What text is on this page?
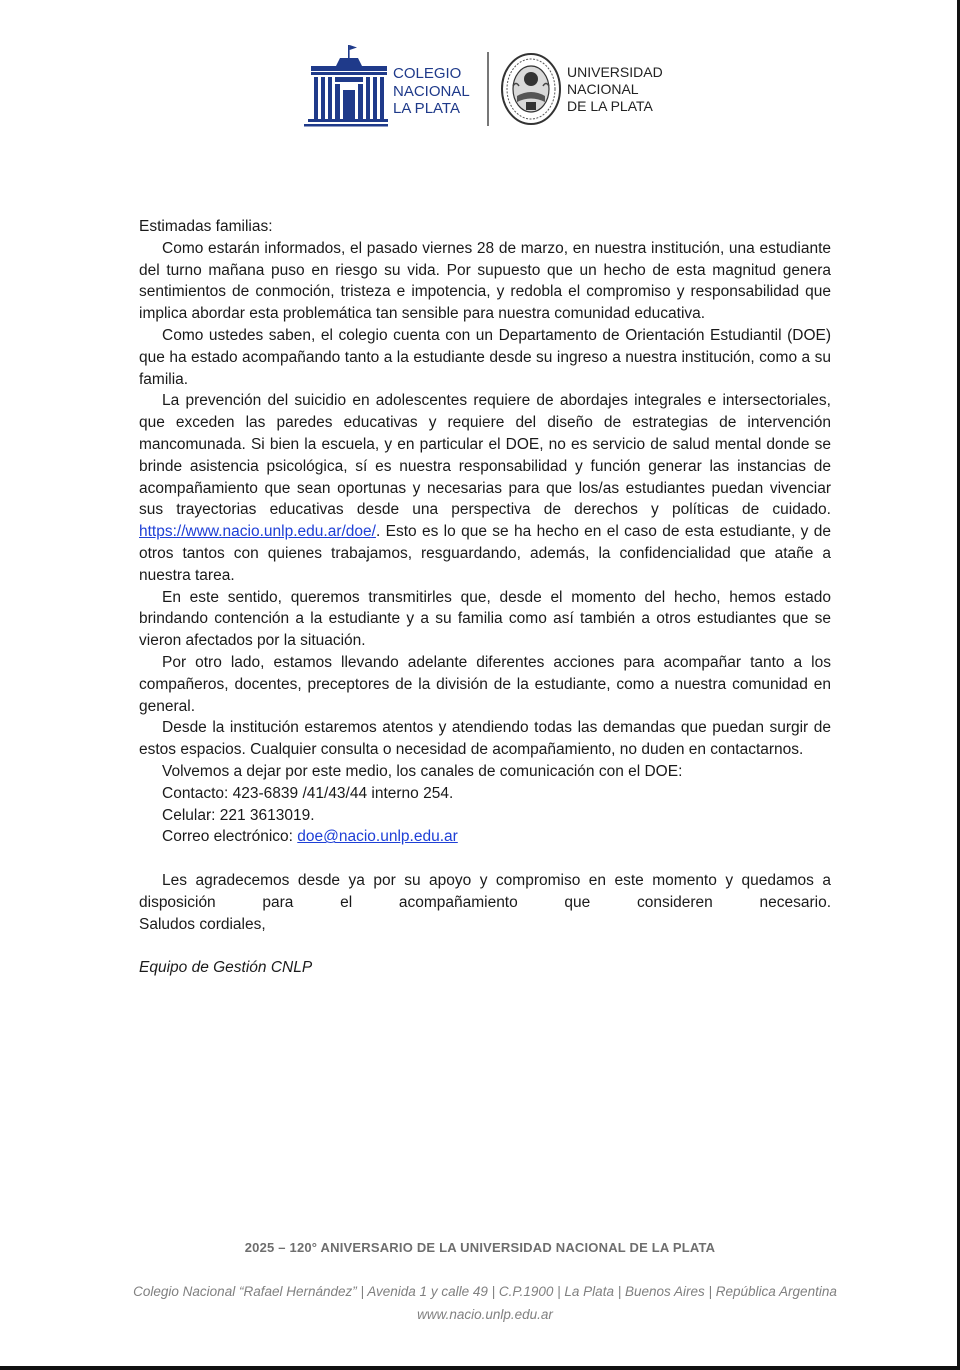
COLEGIO
NACIONAL
LA PLATA
UNIVERSIDAD
NACIONAL
DE LA PLATA

Estimadas familias:

Como estarán informados, el pasado viernes 28 de marzo, en nuestra institución, una estudiante del turno mañana puso en riesgo su vida. Por supuesto que un hecho de esta magnitud genera sentimientos de conmoción, tristeza e impotencia, y redobla el compromiso y responsabilidad que implica abordar esta problemática tan sensible para nuestra comunidad educativa.

Como ustedes saben, el colegio cuenta con un Departamento de Orientación Estudiantil (DOE) que ha estado acompañando tanto a la estudiante desde su ingreso a nuestra institución, como a su familia.

La prevención del suicidio en adolescentes requiere de abordajes integrales e intersectoriales, que exceden las paredes educativas y requiere del diseño de estrategias de intervención mancomunada. Si bien la escuela, y en particular el DOE, no es servicio de salud mental donde se brinde asistencia psicológica, sí es nuestra responsabilidad y función generar las instancias de acompañamiento que sean oportunas y necesarias para que los/as estudiantes puedan vivenciar sus trayectorias educativas desde una perspectiva de derechos y políticas de cuidado. https://www.nacio.unlp.edu.ar/doe/. Esto es lo que se ha hecho en el caso de esta estudiante, y de otros tantos con quienes trabajamos, resguardando, además, la confidencialidad que atañe a nuestra tarea.

En este sentido, queremos transmitirles que, desde el momento del hecho, hemos estado brindando contención a la estudiante y a su familia como así también a otros estudiantes que se vieron afectados por la situación.

Por otro lado, estamos llevando adelante diferentes acciones para acompañar tanto a los compañeros, docentes, preceptores de la división de la estudiante, como a nuestra comunidad en general.

Desde la institución estaremos atentos y atendiendo todas las demandas que puedan surgir de estos espacios. Cualquier consulta o necesidad de acompañamiento, no duden en contactarnos.

Volvemos a dejar por este medio, los canales de comunicación con el DOE:

Contacto: 423-6839 /41/43/44 interno 254.

Celular: 221 3613019.

Correo electrónico: doe@nacio.unlp.edu.ar

Les agradecemos desde ya por su apoyo y compromiso en este momento y quedamos a disposición para el acompañamiento que consideren necesario.

Saludos cordiales,

Equipo de Gestión CNLP

2025 – 120° ANIVERSARIO DE LA UNIVERSIDAD NACIONAL DE LA PLATA
Colegio Nacional “Rafael Hernández” | Avenida 1 y calle 49 | C.P.1900 | La Plata | Buenos Aires | República Argentina
www.nacio.unlp.edu.ar
